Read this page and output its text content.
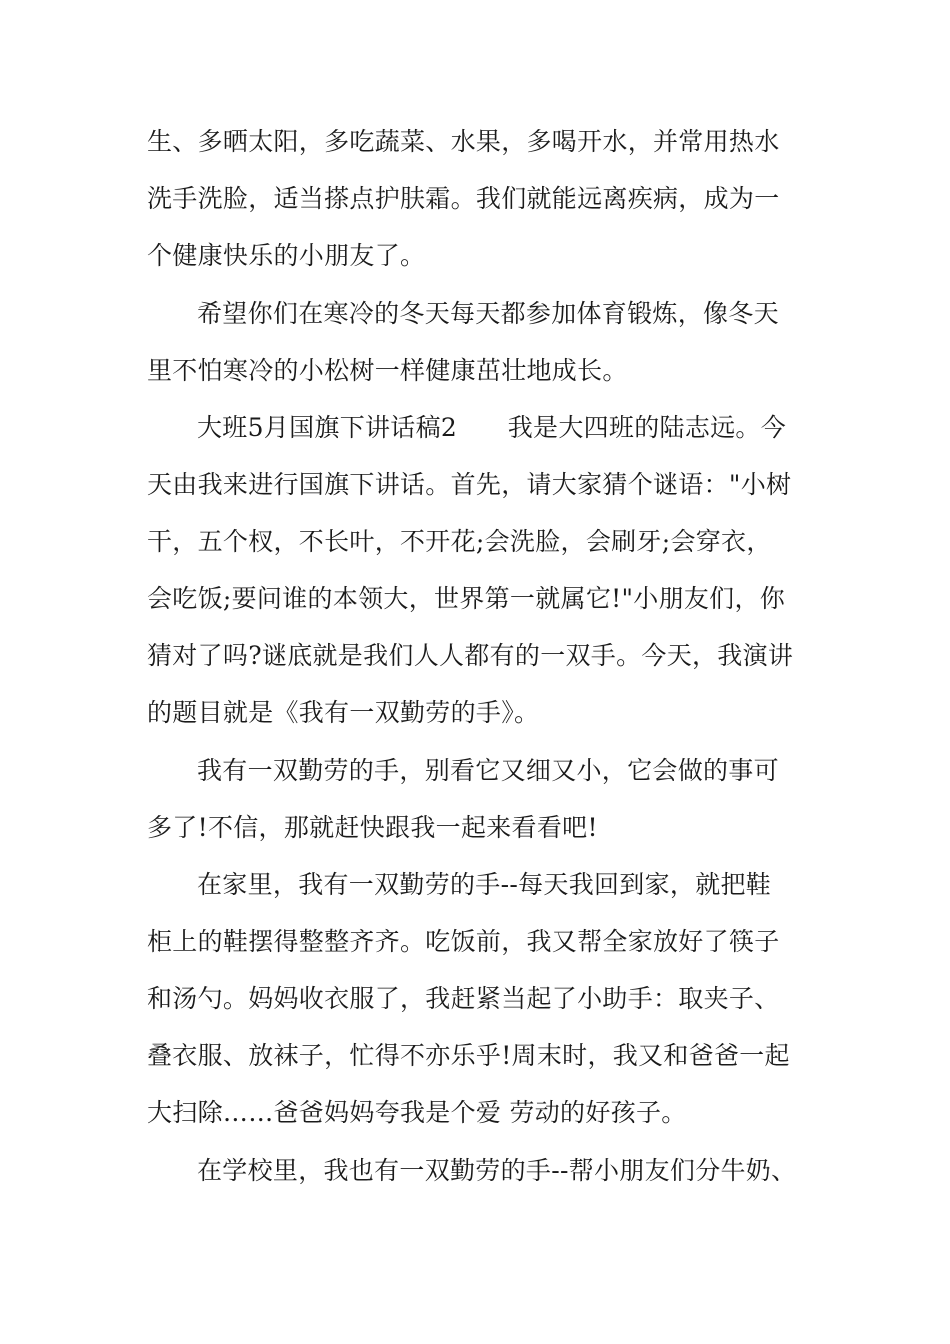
生、多晒太阳，多吃蔬菜、水果，多喝开水，并常用热水
洗手洗脸，适当搽点护肤霜。我们就能远离疾病，成为一
个健康快乐的小朋友了。
希望你们在寒冷的冬天每天都参加体育锻炼，像冬天
里不怕寒冷的小松树一样健康茁壮地成长。
大班5月国旗下讲话稿2　　我是大四班的陆志远。今
天由我来进行国旗下讲话。首先，请大家猜个谜语："小树
干，五个杈，不长叶，不开花;会洗脸，会刷牙;会穿衣，
会吃饭;要问谁的本领大，世界第一就属它!"小朋友们，你
猜对了吗?谜底就是我们人人都有的一双手。今天，我演讲
的题目就是《我有一双勤劳的手》。
我有一双勤劳的手，别看它又细又小，它会做的事可
多了!不信，那就赶快跟我一起来看看吧!
在家里，我有一双勤劳的手--每天我回到家，就把鞋
柜上的鞋摆得整整齐齐。吃饭前，我又帮全家放好了筷子
和汤勺。妈妈收衣服了，我赶紧当起了小助手：取夹子、
叠衣服、放袜子，忙得不亦乐乎!周末时，我又和爸爸一起
大扫除……爸爸妈妈夸我是个爱 劳动的好孩子。
在学校里，我也有一双勤劳的手--帮小朋友们分牛奶、
